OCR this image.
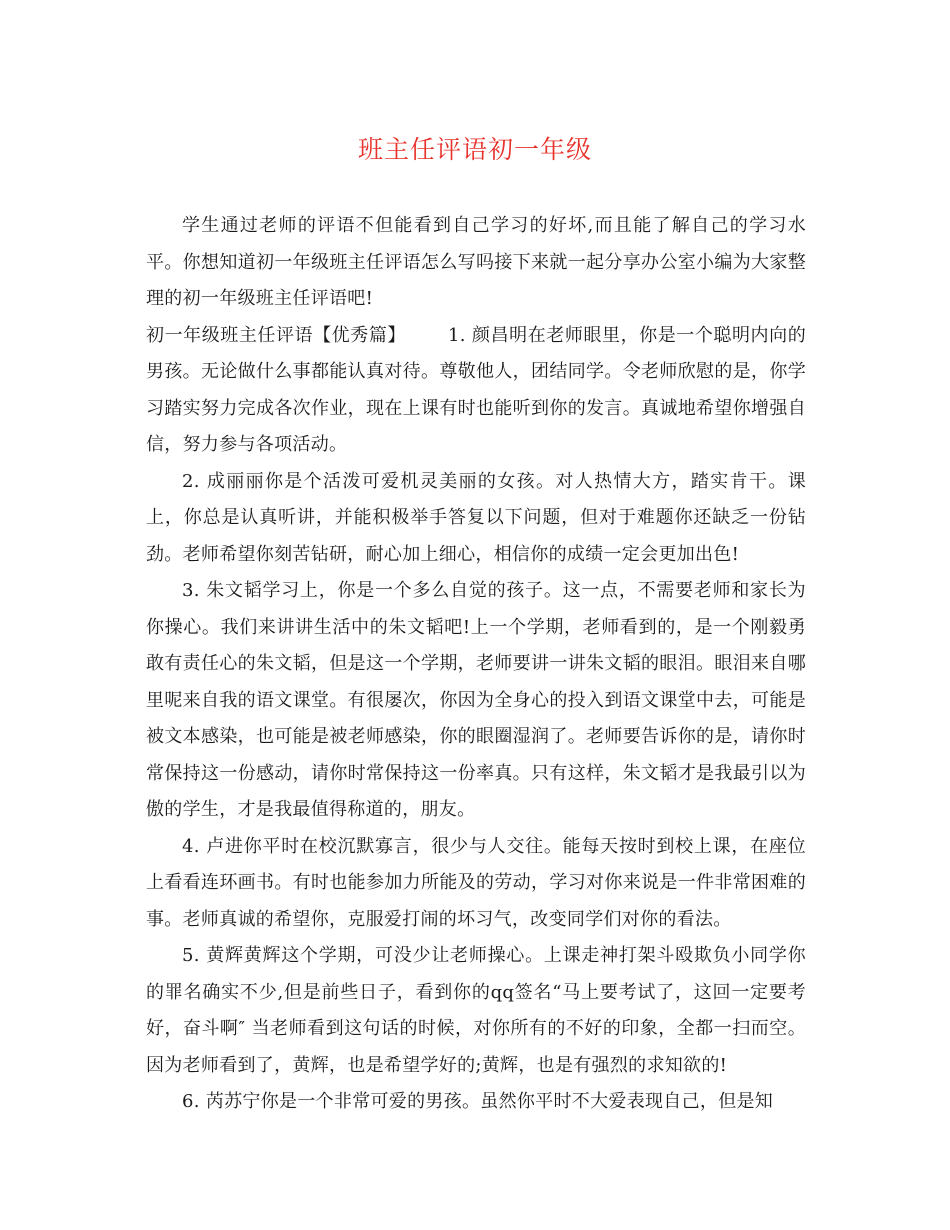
班主任评语初一年级

学生通过老师的评语不但能看到自己学习的好坏,而且能了解自己的学习水平。你想知道初一年级班主任评语怎么写吗接下来就一起分享办公室小编为大家整理的初一年级班主任评语吧!

初一年级班主任评语【优秀篇】 1. 颜昌明在老师眼里，你是一个聪明内向的男孩。无论做什么事都能认真对待。尊敬他人，团结同学。令老师欣慰的是，你学习踏实努力完成各次作业，现在上课有时也能听到你的发言。真诚地希望你增强自信，努力参与各项活动。

2. 成丽丽你是个活泼可爱机灵美丽的女孩。对人热情大方，踏实肯干。课上，你总是认真听讲，并能积极举手答复以下问题，但对于难题你还缺乏一份钻劲。老师希望你刻苦钻研，耐心加上细心，相信你的成绩一定会更加出色!

3. 朱文韬学习上，你是一个多么自觉的孩子。这一点，不需要老师和家长为你操心。我们来讲讲生活中的朱文韬吧!上一个学期，老师看到的，是一个刚毅勇敢有责任心的朱文韬，但是这一个学期，老师要讲一讲朱文韬的眼泪。眼泪来自哪里呢来自我的语文课堂。有很屡次，你因为全身心的投入到语文课堂中去，可能是被文本感染，也可能是被老师感染，你的眼圈湿润了。老师要告诉你的是，请你时常保持这一份感动，请你时常保持这一份率真。只有这样，朱文韬才是我最引以为傲的学生，才是我最值得称道的，朋友。

4. 卢进你平时在校沉默寡言，很少与人交往。能每天按时到校上课，在座位上看看连环画书。有时也能参加力所能及的劳动，学习对你来说是一件非常困难的事。老师真诚的希望你，克服爱打闹的坏习气，改变同学们对你的看法。

5. 黄辉黄辉这个学期，可没少让老师操心。上课走神打架斗殴欺负小同学你的罪名确实不少,但是前些日子，看到你的qq签名“马上要考试了，这回一定要考好，奋斗啊″ 当老师看到这句话的时候，对你所有的不好的印象，全都一扫而空。因为老师看到了，黄辉，也是希望学好的;黄辉，也是有强烈的求知欲的!

6. 芮苏宁你是一个非常可爱的男孩。虽然你平时不大爱表现自己，但是知
